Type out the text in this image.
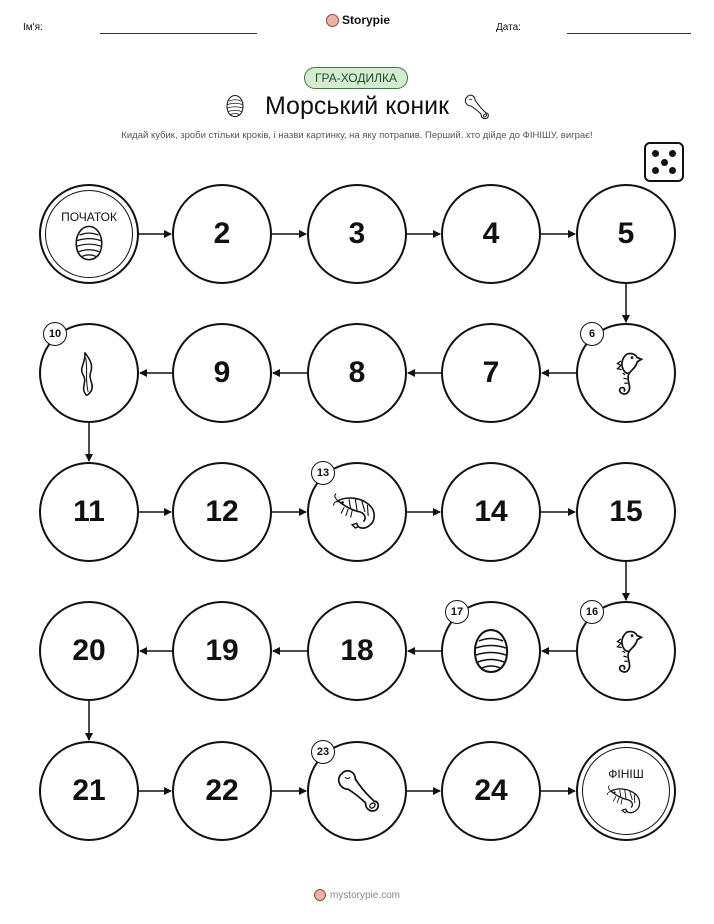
Ім'я:
Storypie
Дата:
ГРА-ХОДИЛКА
Морський коник
Кидай кубик, зроби стільки кроків, і назви картинку, на яку потрапив. Перший, хто дійде до ФІНІШУ, виграє!
ПОЧАТОК	2	3	4	5
6
7
8
9
10
11	12
13
14	15
16
17
18
19
20
21	22
23
24	ФІНІШ
mystorypie.com
